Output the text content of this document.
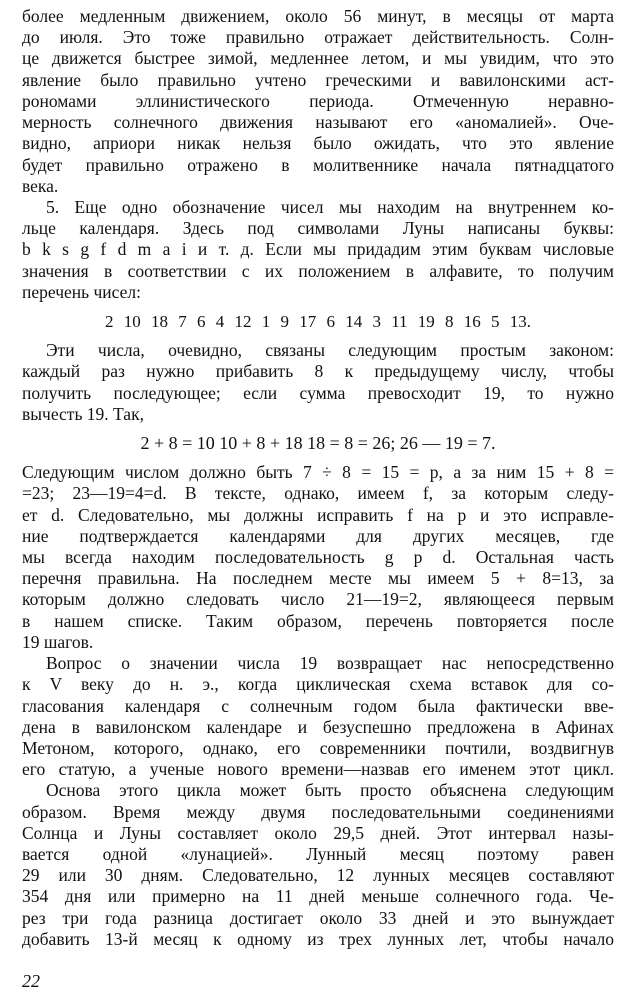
более медленным движением, около 56 минут, в месяцы от марта
до июля. Это тоже правильно отражает действительность. Солн-
це движется быстрее зимой, медленнее летом, и мы увидим, что это
явление было правильно учтено греческими и вавилонскими аст-
рономами эллинистического периода. Отмеченную неравно-
мерность солнечного движения называют его «аномалией». Оче-
видно, априори никак нельзя было ожидать, что это явление
будет правильно отражено в молитвеннике начала пятнадцатого
века.
5. Еще одно обозначение чисел мы находим на внутреннем ко-
льце календаря. Здесь под символами Луны написаны буквы:
b k s g f d m a i и т. д. Если мы придадим этим буквам числовые
значения в соответствии с их положением в алфавите, то получим
перечень чисел:
2 10 18 7 6 4 12 1 9 17 6 14 3 11 19 8 16 5 13.
Эти числа, очевидно, связаны следующим простым законом:
каждый раз нужно прибавить 8 к предыдущему числу, чтобы
получить последующее; если сумма превосходит 19, то нужно
вычесть 19. Так,
2 + 8 = 10 10 + 8 + 18 18 = 8 = 26; 26 — 19 = 7.
Следующим числом должно быть 7 ÷ 8 = 15 = p, а за ним 15 + 8 =
=23; 23—19=4=d. В тексте, однако, имеем f, за которым следу-
ет d. Следовательно, мы должны исправить f на p и это исправле-
ние подтверждается календарями для других месяцев, где
мы всегда находим последовательность g p d. Остальная часть
перечня правильна. На последнем месте мы имеем 5 + 8=13, за
которым должно следовать число 21—19=2, являющееся первым
в нашем списке. Таким образом, перечень повторяется после
19 шагов.
Вопрос о значении числа 19 возвращает нас непосредственно
к V веку до н. э., когда циклическая схема вставок для со-
гласования календаря с солнечным годом была фактически вве-
дена в вавилонском календаре и безуспешно предложена в Афинах
Метоном, которого, однако, его современники почтили, воздвигнув
его статую, а ученые нового времени—назвав его именем этот цикл.
Основа этого цикла может быть просто объяснена следующим
образом. Время между двумя последовательными соединениями
Солнца и Луны составляет около 29,5 дней. Этот интервал назы-
вается одной «лунацией». Лунный месяц поэтому равен
29 или 30 дням. Следовательно, 12 лунных месяцев составляют
354 дня или примерно на 11 дней меньше солнечного года. Че-
рез три года разница достигает около 33 дней и это вынуждает
добавить 13-й месяц к одному из трех лунных лет, чтобы начало
22
